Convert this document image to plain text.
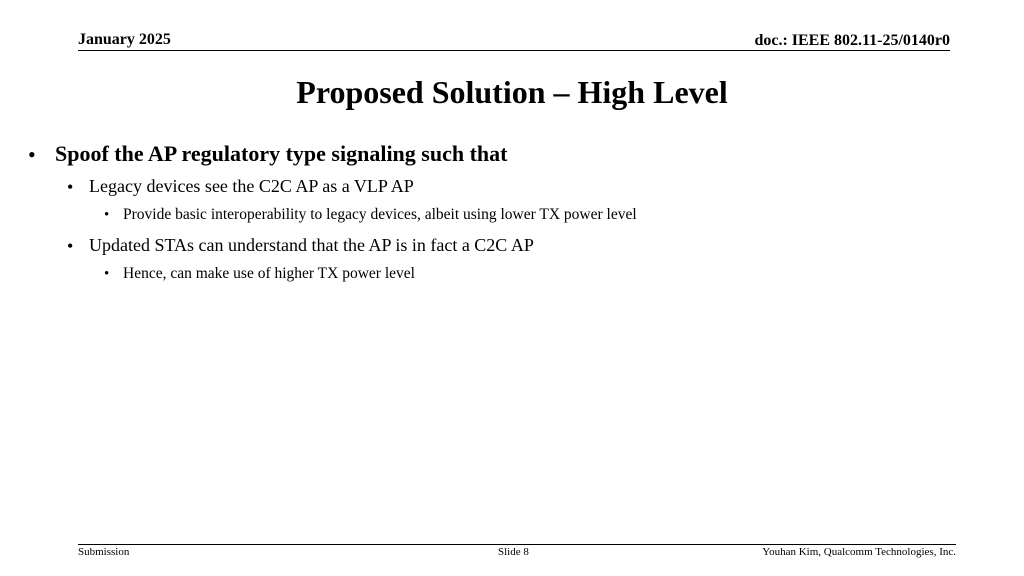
January 2025	doc.: IEEE 802.11-25/0140r0
Proposed Solution – High Level
• Spoof the AP regulatory type signaling such that
• Legacy devices see the C2C AP as a VLP AP
• Provide basic interoperability to legacy devices, albeit using lower TX power level
• Updated STAs can understand that the AP is in fact a C2C AP
• Hence, can make use of higher TX power level
Submission	Slide 8	Youhan Kim, Qualcomm Technologies, Inc.
